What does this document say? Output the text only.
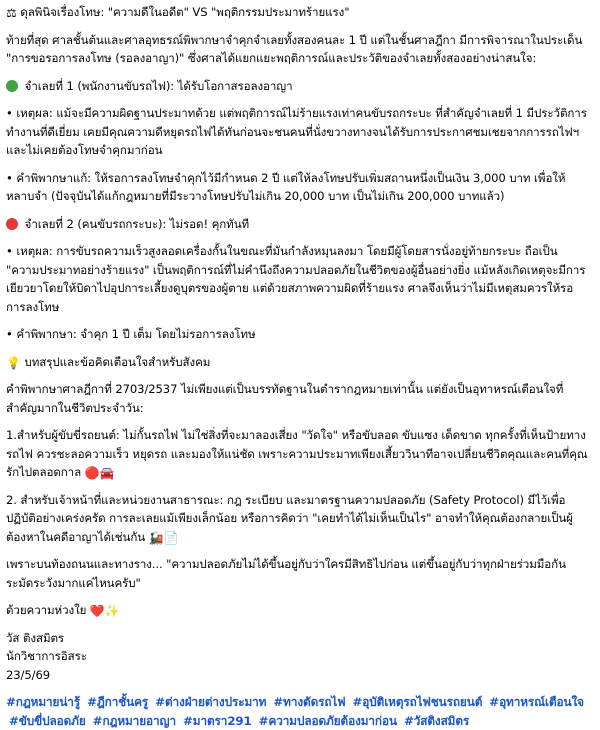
⚖ ดุลพินิจเรื่องโทษ: "ความดีในอดีต" VS "พฤติกรรมประมาทร้ายแรง"

ท้ายที่สุด ศาลชั้นต้นและศาลอุทธรณ์พิพากษาจำคุกจำเลยทั้งสองคนละ 1 ปี แต่ในชั้นศาลฎีกา มีการพิจารณาในประเด็น "การขอรอการลงโทษ (รอลงอาญา)" ซึ่งศาลได้แยกแยะพฤติการณ์และประวัติของจำเลยทั้งสองอย่างน่าสนใจ:

จำเลยที่ 1 (พนักงานขับรถไฟ): ได้รับโอกาสรอลงอาญา

• เหตุผล: แม้จะมีความผิดฐานประมาทด้วย แต่พฤติการณ์ไม่ร้ายแรงเท่าคนขับรถกระบะ ที่สำคัญจำเลยที่ 1 มีประวัติการทำงานที่ดีเยี่ยม เคยมีคุณความดีหยุดรถไฟได้ทันก่อนจะชนคนที่นั่งขวางทางจนได้รับการประกาศชมเชยจากการรถไฟฯ และไม่เคยต้องโทษจำคุกมาก่อน

• คำพิพากษาแก้: ให้รอการลงโทษจำคุกไว้มีกำหนด 2 ปี แต่ให้ลงโทษปรับเพิ่มสถานหนึ่งเป็นเงิน 3,000 บาท เพื่อให้หลาบจำ (ปัจจุบันได้แก้กฎหมายที่มีระวางโทษปรับไม่เกิน 20,000 บาท เป็นไม่เกิน 200,000 บาทแล้ว)

จำเลยที่ 2 (คนขับรถกระบะ): ไม่รอด! คุกทันที

• เหตุผล: การขับรถความเร็วสูงลอดเครื่องกั้นในขณะที่มันกำลังหมุนลงมา โดยมีผู้โดยสารนั่งอยู่ท้ายกระบะ ถือเป็น "ความประมาทอย่างร้ายแรง" เป็นพฤติการณ์ที่ไม่คำนึงถึงความปลอดภัยในชีวิตของผู้อื่นอย่างยิ่ง แม้หลังเกิดเหตุจะมีการเยียวยาโดยให้บิดาไปอุปการะเลี้ยงดูบุตรของผู้ตาย แต่ด้วยสภาพความผิดที่ร้ายแรง ศาลจึงเห็นว่าไม่มีเหตุสมควรให้รอการลงโทษ

• คำพิพากษา: จำคุก 1 ปี เต็ม โดยไม่รอการลงโทษ

💡 บทสรุปและข้อคิดเตือนใจสำหรับสังคม

คำพิพากษาศาลฎีกาที่ 2703/2537 ไม่เพียงแต่เป็นบรรทัดฐานในตำรากฎหมายเท่านั้น แต่ยังเป็นอุทาหรณ์เตือนใจที่สำคัญมากในชีวิตประจำวัน:

1.สำหรับผู้ขับขี่รถยนต์: ไม่กั้นรถไฟ ไม่ใช่สิ่งที่จะมาลองเสี่ยง "วัดใจ" หรือขับลอด ขับแซง เด็ดขาด ทุกครั้งที่เห็นป้ายทางรถไฟ ควรชะลอความเร็ว หยุดรถ และมองให้แน่ชัด เพราะความประมาทเพียงเสี้ยววินาทีอาจเปลี่ยนชีวิตคุณและคนที่คุณรักไปตลอดกาล 🔴🚘

2. สำหรับเจ้าหน้าที่และหน่วยงานสาธารณะ: กฎ ระเบียบ และมาตรฐานความปลอดภัย (Safety Protocol) มีไว้เพื่อปฏิบัติอย่างเคร่งครัด การละเลยแม้เพียงเล็กน้อย หรือการคิดว่า "เคยทำได้ไม่เห็นเป็นไร" อาจทำให้คุณต้องกลายเป็นผู้ต้องหาในคดีอาญาได้เช่นกัน 🚂📄

เพราะบนท้องถนนและทางราง... "ความปลอดภัยไม่ได้ขึ้นอยู่กับว่าใครมีสิทธิไปก่อน แต่ขึ้นอยู่กับว่าทุกฝ่ายร่วมมือกันระมัดระวังมากแค่ไหนครับ"

ด้วยความห่วงใย ❤️✨

วัส ติงสมิตร

นักวิชาการอิสระ

23/5/69

#กฎหมายน่ารู้ #ฎีกาชั้นครู #ต่างฝ่ายต่างประมาท #ทางตัดรถไฟ #อุบัติเหตุรถไฟชนรถยนต์ #อุทาหรณ์เตือนใจ #ขับขี่ปลอดภัย #กฎหมายอาญา #มาตรา291 #ความปลอดภัยต้องมาก่อน #วัสติงสมิตร
